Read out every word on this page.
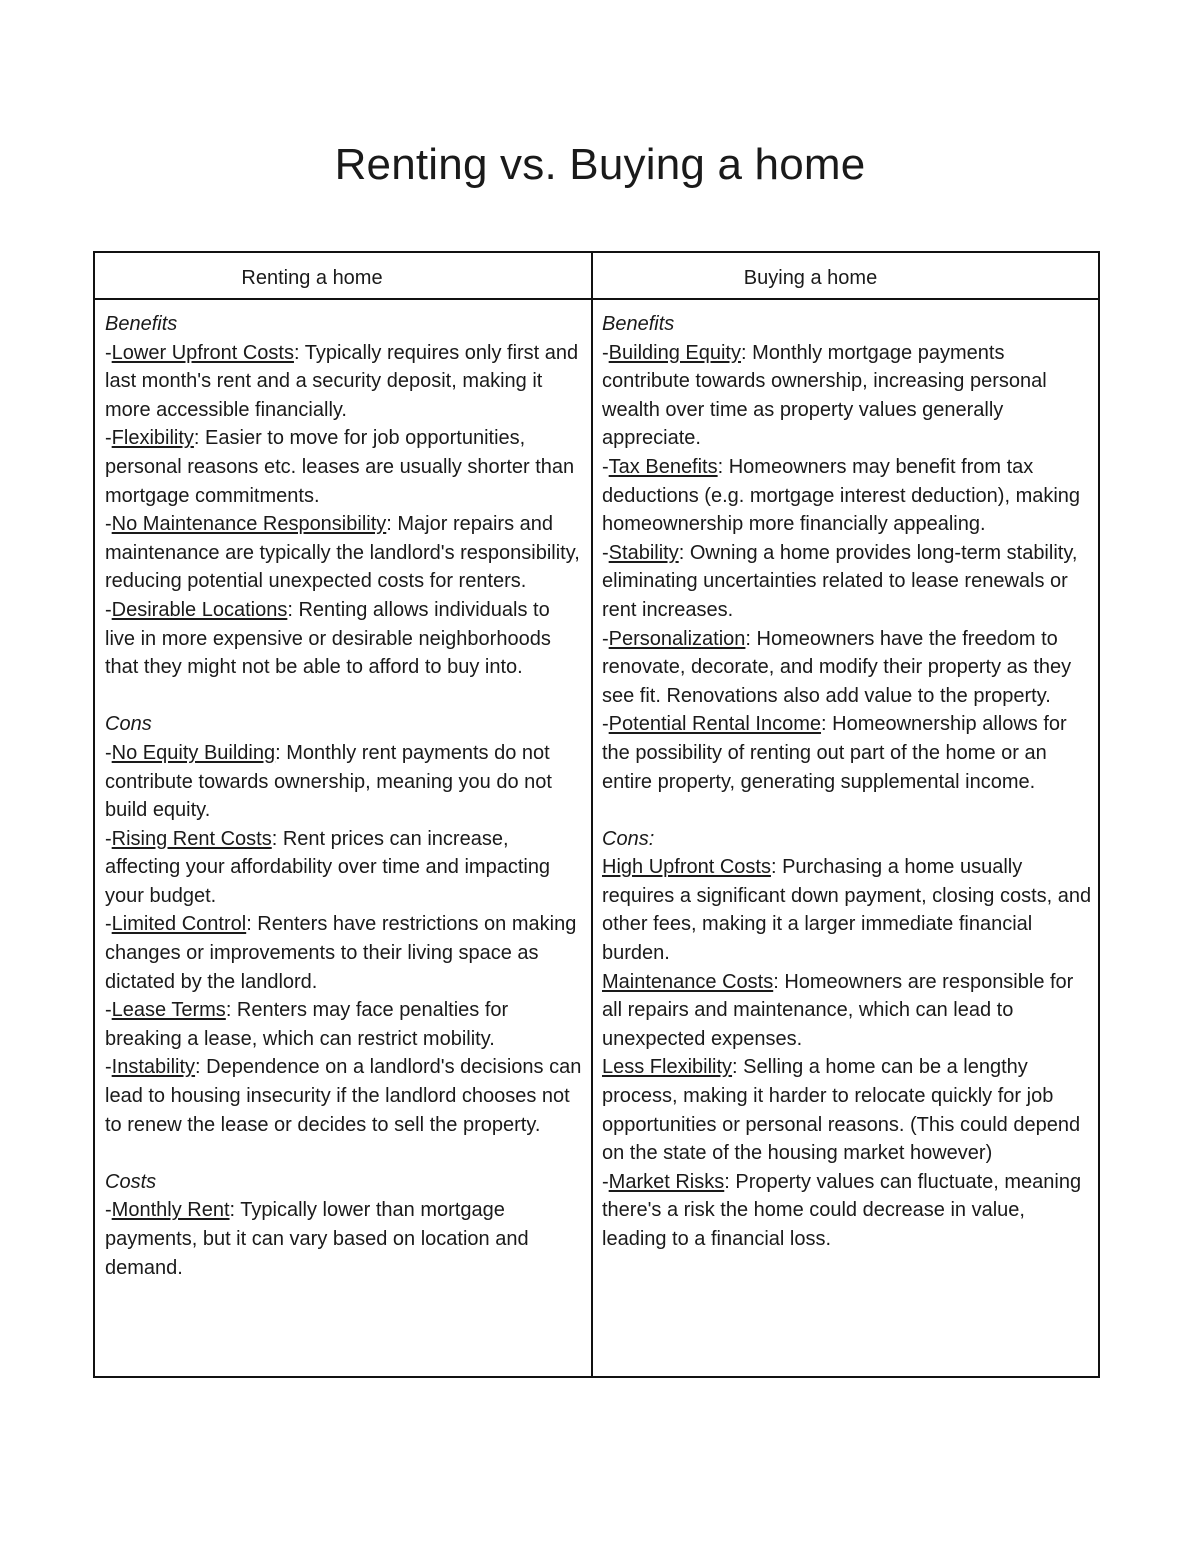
Renting vs. Buying a home
Renting a home	Buying a home
Benefits

-Lower Upfront Costs: Typically requires only first and last month's rent and a security deposit, making it more accessible financially.

-Flexibility: Easier to move for job opportunities, personal reasons etc. leases are usually shorter than mortgage commitments.

-No Maintenance Responsibility: Major repairs and maintenance are typically the landlord's responsibility, reducing potential unexpected costs for renters.

-Desirable Locations: Renting allows individuals to live in more expensive or desirable neighborhoods that they might not be able to afford to buy into.

Cons

-No Equity Building: Monthly rent payments do not contribute towards ownership, meaning you do not build equity.

-Rising Rent Costs: Rent prices can increase, affecting your affordability over time and impacting your budget.

-Limited Control: Renters have restrictions on making changes or improvements to their living space as dictated by the landlord.

-Lease Terms: Renters may face penalties for breaking a lease, which can restrict mobility.

-Instability: Dependence on a landlord's decisions can lead to housing insecurity if the landlord chooses not to renew the lease or decides to sell the property.

Costs

-Monthly Rent: Typically lower than mortgage payments, but it can vary based on location and demand.

Benefits

-Building Equity: Monthly mortgage payments contribute towards ownership, increasing personal wealth over time as property values generally appreciate.

-Tax Benefits: Homeowners may benefit from tax deductions (e.g. mortgage interest deduction), making homeownership more financially appealing.

-Stability: Owning a home provides long-term stability, eliminating uncertainties related to lease renewals or rent increases.

-Personalization: Homeowners have the freedom to renovate, decorate, and modify their property as they see fit. Renovations also add value to the property.

-Potential Rental Income: Homeownership allows for the possibility of renting out part of the home or an entire property, generating supplemental income.

Cons:

High Upfront Costs: Purchasing a home usually requires a significant down payment, closing costs, and other fees, making it a larger immediate financial burden.

Maintenance Costs: Homeowners are responsible for all repairs and maintenance, which can lead to unexpected expenses.

Less Flexibility: Selling a home can be a lengthy process, making it harder to relocate quickly for job opportunities or personal reasons. (This could depend on the state of the housing market however)

-Market Risks: Property values can fluctuate, meaning there's a risk the home could decrease in value, leading to a financial loss.
